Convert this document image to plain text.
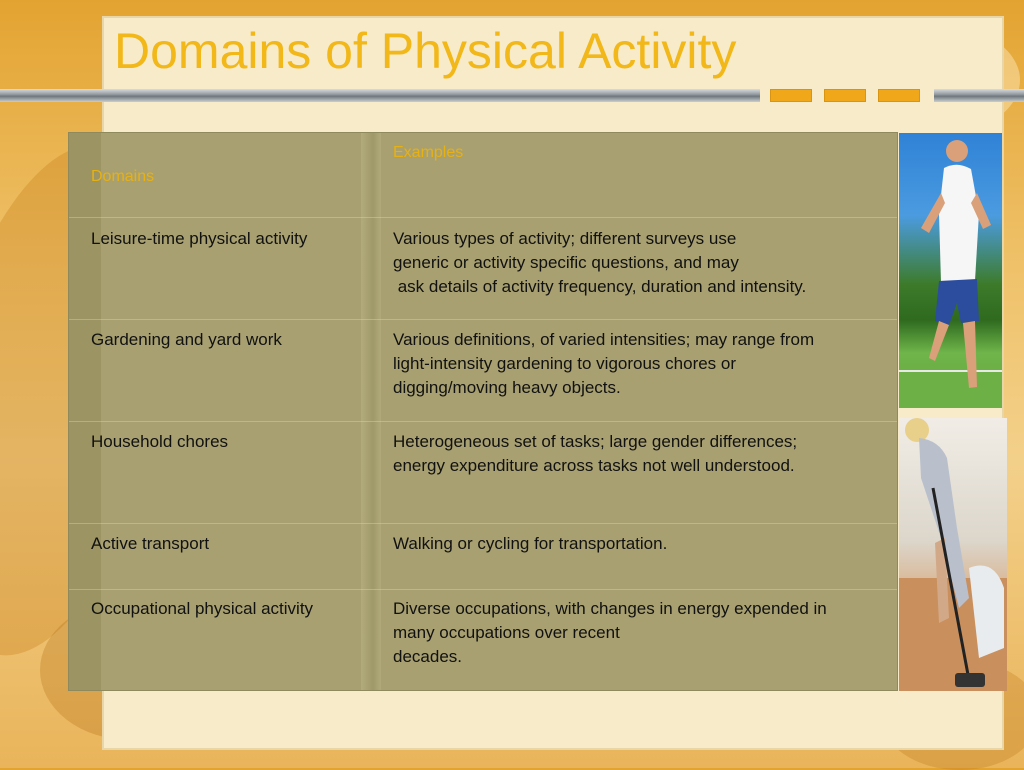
Domains of Physical Activity
Domains
Examples
Leisure-time physical activity	Various types of activity; different surveys use
generic or activity specific questions, and may
ask details of activity frequency, duration and intensity.
Gardening and yard work	Various definitions, of varied intensities; may range from
light-intensity gardening to vigorous chores or
digging/moving heavy objects.
Household chores	Heterogeneous set of tasks; large gender differences;
energy expenditure across tasks not well understood.
Active transport	Walking or cycling for transportation.
Occupational physical activity	Diverse occupations, with changes in energy expended in
many occupations over recent
decades.
